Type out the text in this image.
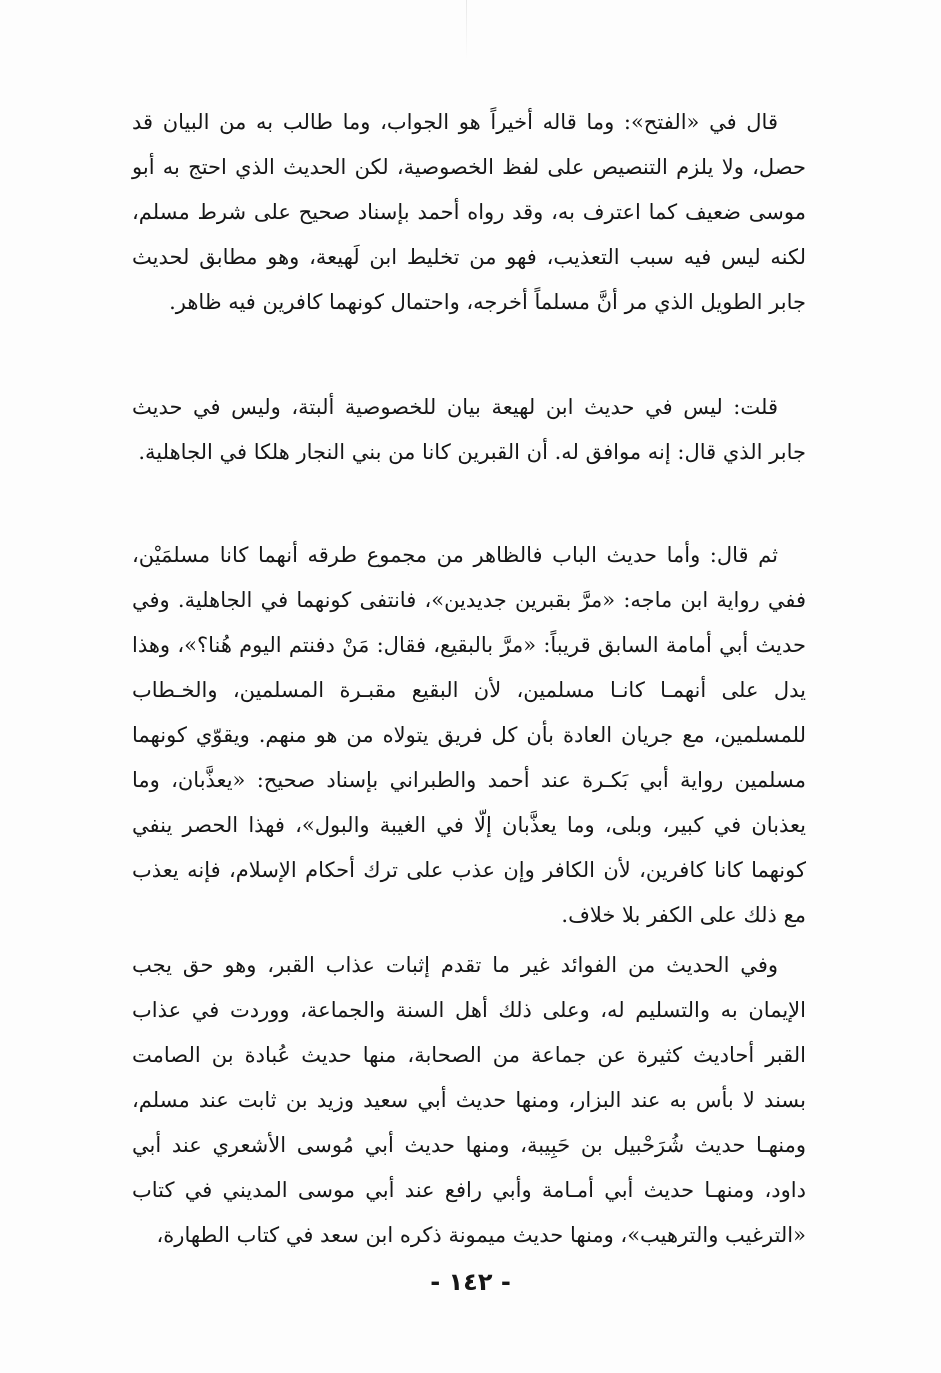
قال في «الفتح»: وما قاله أخيراً هو الجواب، وما طالب به من البيان قد حصل، ولا يلزم التنصيص على لفظ الخصوصية، لكن الحديث الذي احتج به أبو موسى ضعيف كما اعترف به، وقد رواه أحمد بإسناد صحيح على شرط مسلم، لكنه ليس فيه سبب التعذيب، فهو من تخليط ابن لَهيعة، وهو مطابق لحديث جابر الطويل الذي مر أنَّ مسلماً أخرجه، واحتمال كونهما كافرين فيه ظاهر.

قلت: ليس في حديث ابن لهيعة بيان للخصوصية ألبتة، وليس في حديث جابر الذي قال: إنه موافق له. أن القبرين كانا من بني النجار هلكا في الجاهلية.

ثم قال: وأما حديث الباب فالظاهر من مجموع طرقه أنهما كانا مسلمَيْن، ففي رواية ابن ماجه: «مرَّ بقبرين جديدين»، فانتفى كونهما في الجاهلية. وفي حديث أبي أمامة السابق قريباً: «مرَّ بالبقيع، فقال: مَنْ دفنتم اليوم هُنا؟»، وهذا يدل على أنهمـا كانـا مسلمين، لأن البقيع مقبـرة المسلمين، والخـطاب للمسلمين، مع جريان العادة بأن كل فريق يتولاه من هو منهم. ويقوّي كونهما مسلمين رواية أبي بَكـرة عند أحمد والطبراني بإسناد صحيح: «يعذَّبان، وما يعذبان في كبير، وبلى، وما يعذَّبان إلّا في الغيبة والبول»، فهذا الحصر ينفي كونهما كانا كافرين، لأن الكافر وإن عذب على ترك أحكام الإسلام، فإنه يعذب مع ذلك على الكفر بلا خلاف.

وفي الحديث من الفوائد غير ما تقدم إثبات عذاب القبر، وهو حق يجب الإيمان به والتسليم له، وعلى ذلك أهل السنة والجماعة، ووردت في عذاب القبر أحاديث كثيرة عن جماعة من الصحابة، منها حديث عُبادة بن الصامت بسند لا بأس به عند البزار، ومنها حديث أبي سعيد وزيد بن ثابت عند مسلم، ومنهـا حديث شُرَحْبيل بن حَبِيبة، ومنها حديث أبي مُوسى الأشعري عند أبي داود، ومنهـا حديث أبي أمـامة وأبي رافع عند أبي موسى المديني في كتاب «الترغيب والترهيب»، ومنها حديث ميمونة ذكره ابن سعد في كتاب الطهارة،

- ١٤٢ -
